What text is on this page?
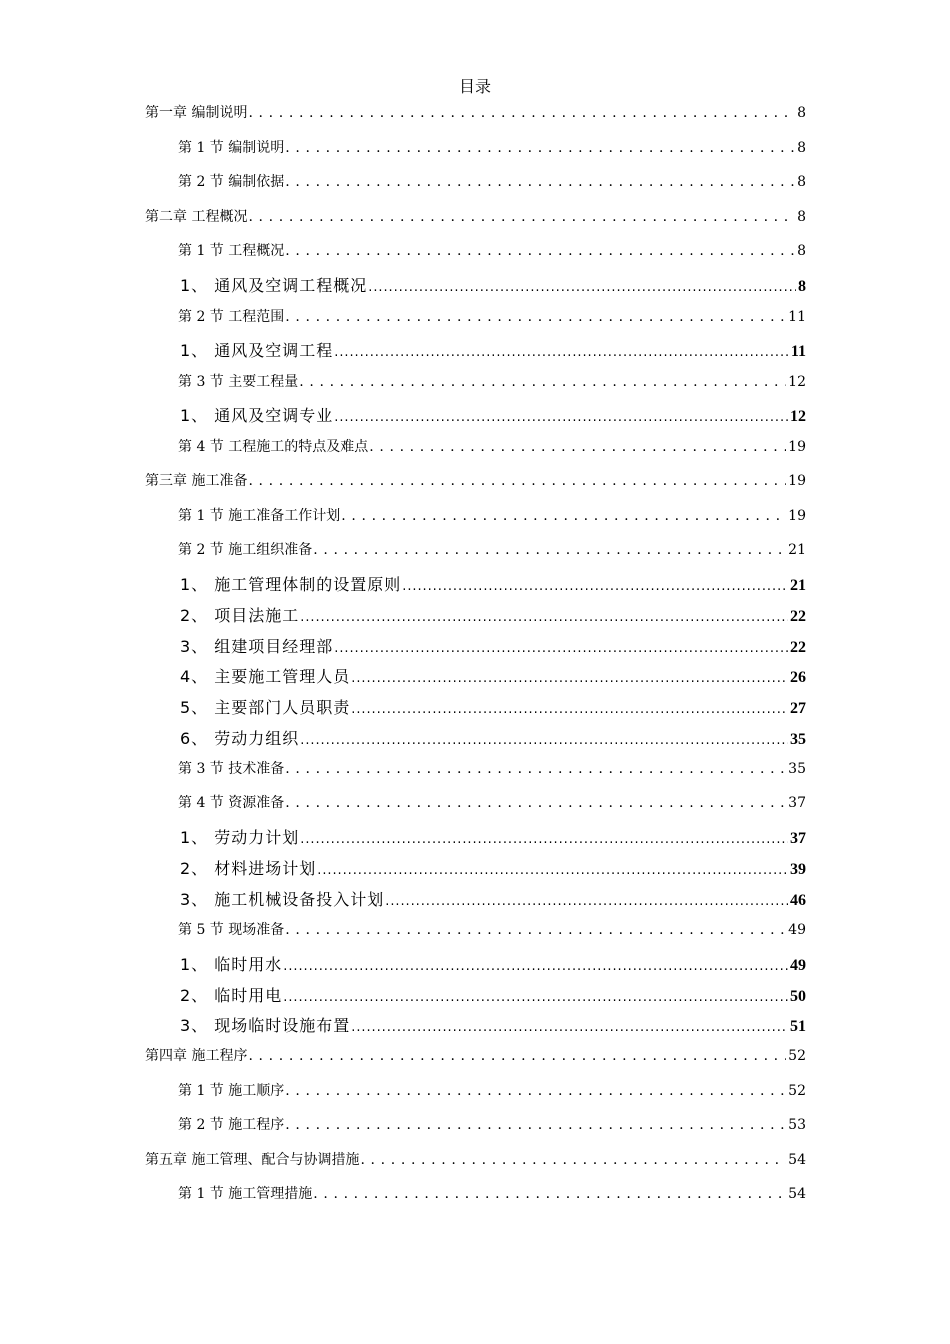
目录
第一章 编制说明 . . .	8
第 1 节 编制说明 . . .	8
第 2 节 编制依据 . . .	8
第二章 工程概况 . . .	8
第 1 节 工程概况 . . .	8
1、 通风及空调工程概况 . . .	8
第 2 节 工程范围 . . .	11
1、 通风及空调工程 . . .	11
第 3 节 主要工程量 . . .	12
1、 通风及空调专业 . . .	12
第 4 节 工程施工的特点及难点 . . .	19
第三章 施工准备 . . .	19
第 1 节 施工准备工作计划 . . .	19
第 2 节 施工组织准备 . . .	21
1、 施工管理体制的设置原则 . . .	21
2、 项目法施工 . . .	22
3、 组建项目经理部 . . .	22
4、 主要施工管理人员 . . .	26
5、 主要部门人员职责 . . .	27
6、 劳动力组织 . . .	35
第 3 节 技术准备 . . .	35
第 4 节 资源准备 . . .	37
1、 劳动力计划 . . .	37
2、 材料进场计划 . . .	39
3、 施工机械设备投入计划 . . .	46
第 5 节 现场准备 . . .	49
1、 临时用水 . . .	49
2、 临时用电 . . .	50
3、 现场临时设施布置 . . .	51
第四章 施工程序 . . .	52
第 1 节 施工顺序 . . .	52
第 2 节 施工程序 . . .	53
第五章 施工管理、配合与协调措施 . . .	54
第 1 节 施工管理措施 . . .	54
